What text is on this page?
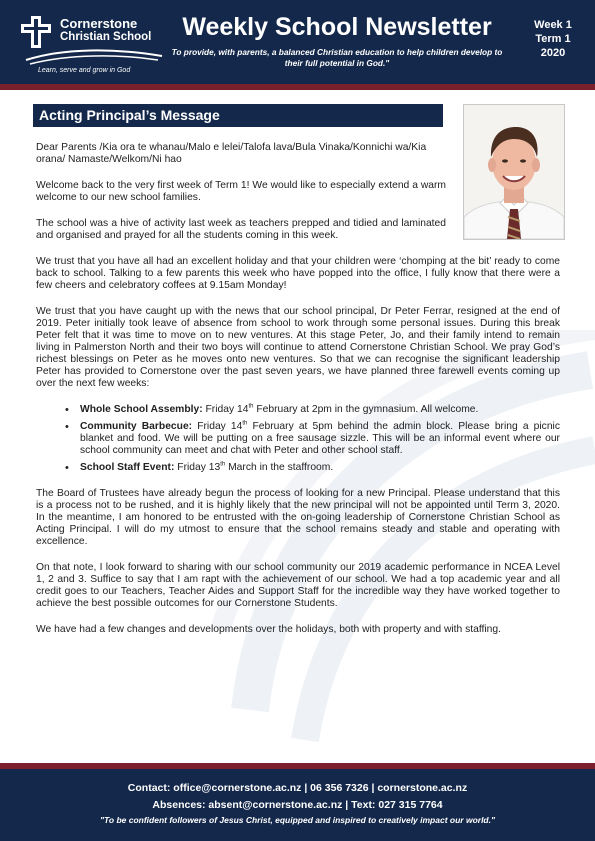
Cornerstone
Christian School
Learn, serve and grow in God
Weekly School Newsletter
To provide, with parents, a balanced Christian education to help children develop to their full potential in God."
Week 1
Term 1
2020
Acting Principal’s Message

Dear Parents /Kia ora te whanau/Malo e lelei/Talofa lava/Bula Vinaka/Konnichi wa/Kia orana/ Namaste/Welkom/Ni hao

Welcome back to the very first week of Term 1! We would like to especially extend a warm welcome to our new school families.

The school was a hive of activity last week as teachers prepped and tidied and laminated and organised and prayed for all the students coming in this week.

We trust that you have all had an excellent holiday and that your children were ‘chomping at the bit’ ready to come back to school. Talking to a few parents this week who have popped into the office, I fully know that there were a few cheers and celebratory coffees at 9.15am Monday!

We trust that you have caught up with the news that our school principal, Dr Peter Ferrar, resigned at the end of 2019. Peter initially took leave of absence from school to work through some personal issues. During this break Peter felt that it was time to move on to new ventures. At this stage Peter, Jo, and their family intend to remain living in Palmerston North and their two boys will continue to attend Cornerstone Christian School. We pray God’s richest blessings on Peter as he moves onto new ventures. So that we can recognise the significant leadership Peter has provided to Cornerstone over the past seven years, we have planned three farewell events coming up over the next few weeks:

• Whole School Assembly: Friday 14th February at 2pm in the gymnasium. All welcome.
• Community Barbecue: Friday 14th February at 5pm behind the admin block. Please bring a picnic blanket and food. We will be putting on a free sausage sizzle. This will be an informal event where our school community can meet and chat with Peter and other school staff.
• School Staff Event: Friday 13th March in the staffroom.

The Board of Trustees have already begun the process of looking for a new Principal. Please understand that this is a process not to be rushed, and it is highly likely that the new principal will not be appointed until Term 3, 2020. In the meantime, I am honored to be entrusted with the on-going leadership of Cornerstone Christian School as Acting Principal. I will do my utmost to ensure that the school remains steady and stable and operating with excellence.

On that note, I look forward to sharing with our school community our 2019 academic performance in NCEA Level 1, 2 and 3. Suffice to say that I am rapt with the achievement of our school. We had a top academic year and all credit goes to our Teachers, Teacher Aides and Support Staff for the incredible way they have worked together to achieve the best possible outcomes for our Cornerstone Students.

We have had a few changes and developments over the holidays, both with property and with staffing.

Contact: office@cornerstone.ac.nz | 06 356 7326 | cornerstone.ac.nz
Absences: absent@cornerstone.ac.nz | Text: 027 315 7764
"To be confident followers of Jesus Christ, equipped and inspired to creatively impact our world."
